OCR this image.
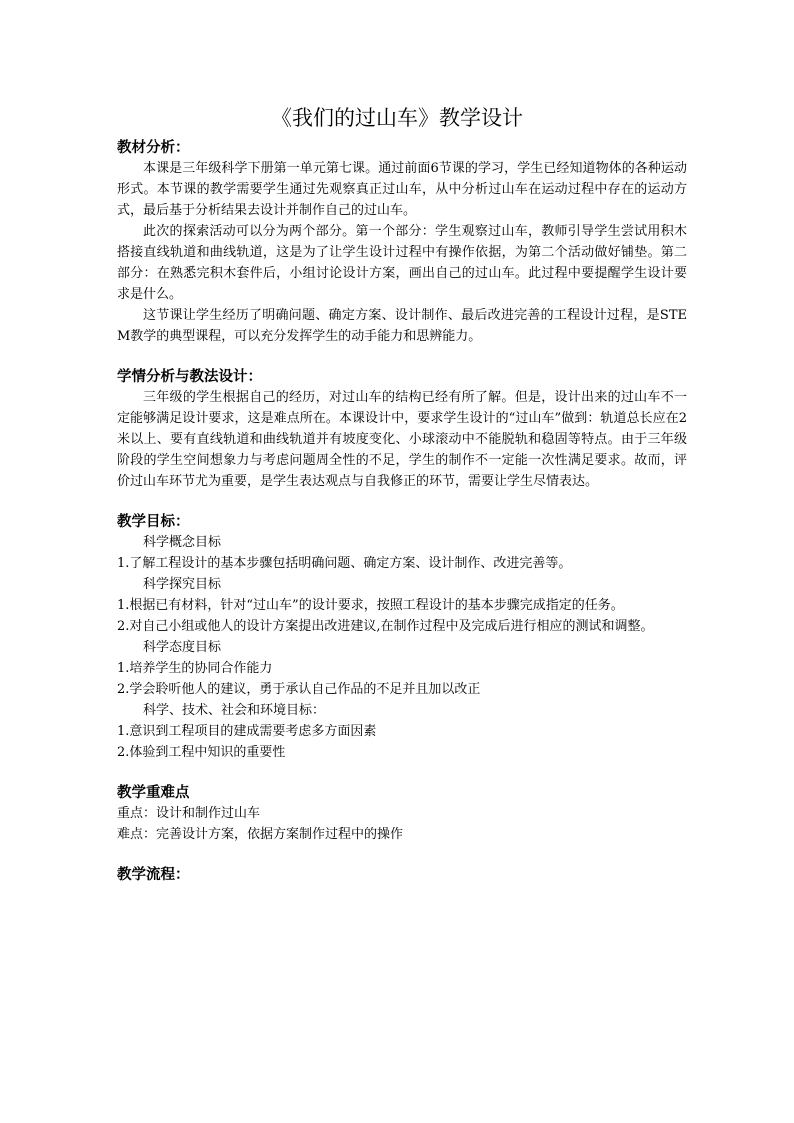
《我们的过山车》教学设计

教材分析：

本课是三年级科学下册第一单元第七课。通过前面6节课的学习，学生已经知道物体的各种运动形式。本节课的教学需要学生通过先观察真正过山车，从中分析过山车在运动过程中存在的运动方式，最后基于分析结果去设计并制作自己的过山车。

此次的探索活动可以分为两个部分。第一个部分：学生观察过山车，教师引导学生尝试用积木搭接直线轨道和曲线轨道，这是为了让学生设计过程中有操作依据，为第二个活动做好铺垫。第二部分：在熟悉完积木套件后，小组讨论设计方案，画出自己的过山车。此过程中要提醒学生设计要求是什么。

这节课让学生经历了明确问题、确定方案、设计制作、最后改进完善的工程设计过程，是STEM教学的典型课程，可以充分发挥学生的动手能力和思辨能力。

学情分析与教法设计：

三年级的学生根据自己的经历，对过山车的结构已经有所了解。但是，设计出来的过山车不一定能够满足设计要求，这是难点所在。本课设计中，要求学生设计的“过山车”做到：轨道总长应在2米以上、要有直线轨道和曲线轨道并有坡度变化、小球滚动中不能脱轨和稳固等特点。由于三年级阶段的学生空间想象力与考虑问题周全性的不足，学生的制作不一定能一次性满足要求。故而，评价过山车环节尤为重要，是学生表达观点与自我修正的环节，需要让学生尽情表达。

教学目标：

科学概念目标

1.了解工程设计的基本步骤包括明确问题、确定方案、设计制作、改进完善等。

科学探究目标

1.根据已有材料，针对“过山车”的设计要求，按照工程设计的基本步骤完成指定的任务。

2.对自己小组或他人的设计方案提出改进建议,在制作过程中及完成后进行相应的测试和调整。

科学态度目标

1.培养学生的协同合作能力

2.学会聆听他人的建议，勇于承认自己作品的不足并且加以改正

科学、技术、社会和环境目标：

1.意识到工程项目的建成需要考虑多方面因素

2.体验到工程中知识的重要性

教学重难点

重点：设计和制作过山车

难点：完善设计方案，依据方案制作过程中的操作

教学流程：
